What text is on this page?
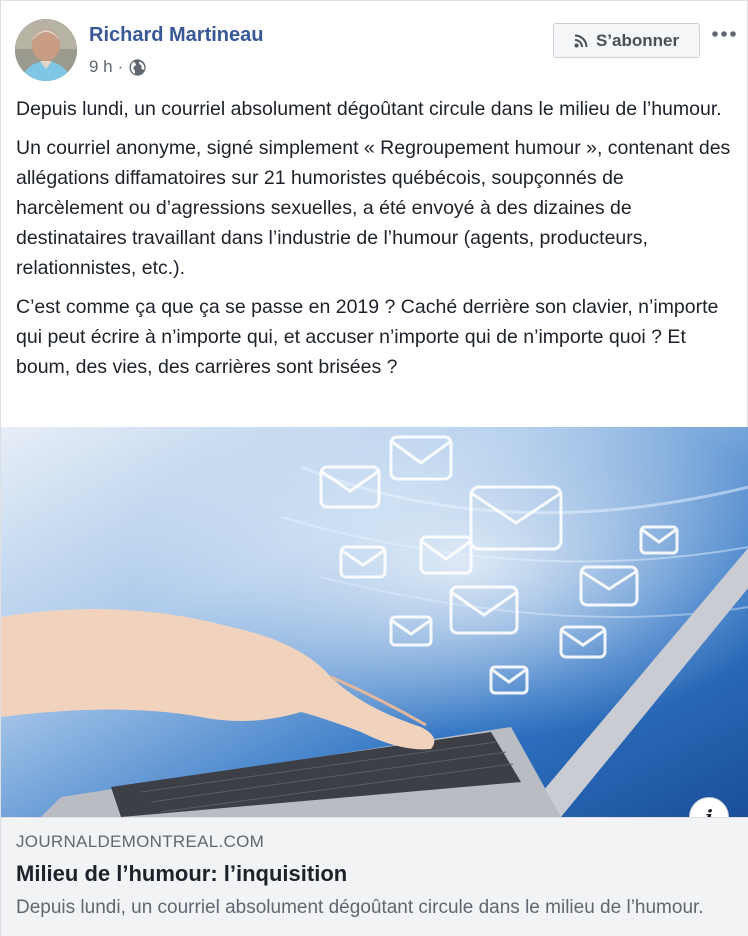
Richard Martineau
9 h ·
S’abonner

Depuis lundi, un courriel absolument dégoûtant circule dans le milieu de l’humour.

Un courriel anonyme, signé simplement « Regroupement humour », contenant des allégations diffamatoires sur 21 humoristes québécois, soupçonnés de harcèlement ou d’agressions sexuelles, a été envoyé à des dizaines de destinataires travaillant dans l’industrie de l’humour (agents, producteurs, relationnistes, etc.).

C’est comme ça que ça se passe en 2019 ? Caché derrière son clavier, n’importe qui peut écrire à n’importe qui, et accuser n’importe qui de n’importe quoi ? Et boum, des vies, des carrières sont brisées ?

JOURNALDEMONTREAL.COM
Milieu de l’humour: l’inquisition
Depuis lundi, un courriel absolument dégoûtant circule dans le milieu de l’humour.
